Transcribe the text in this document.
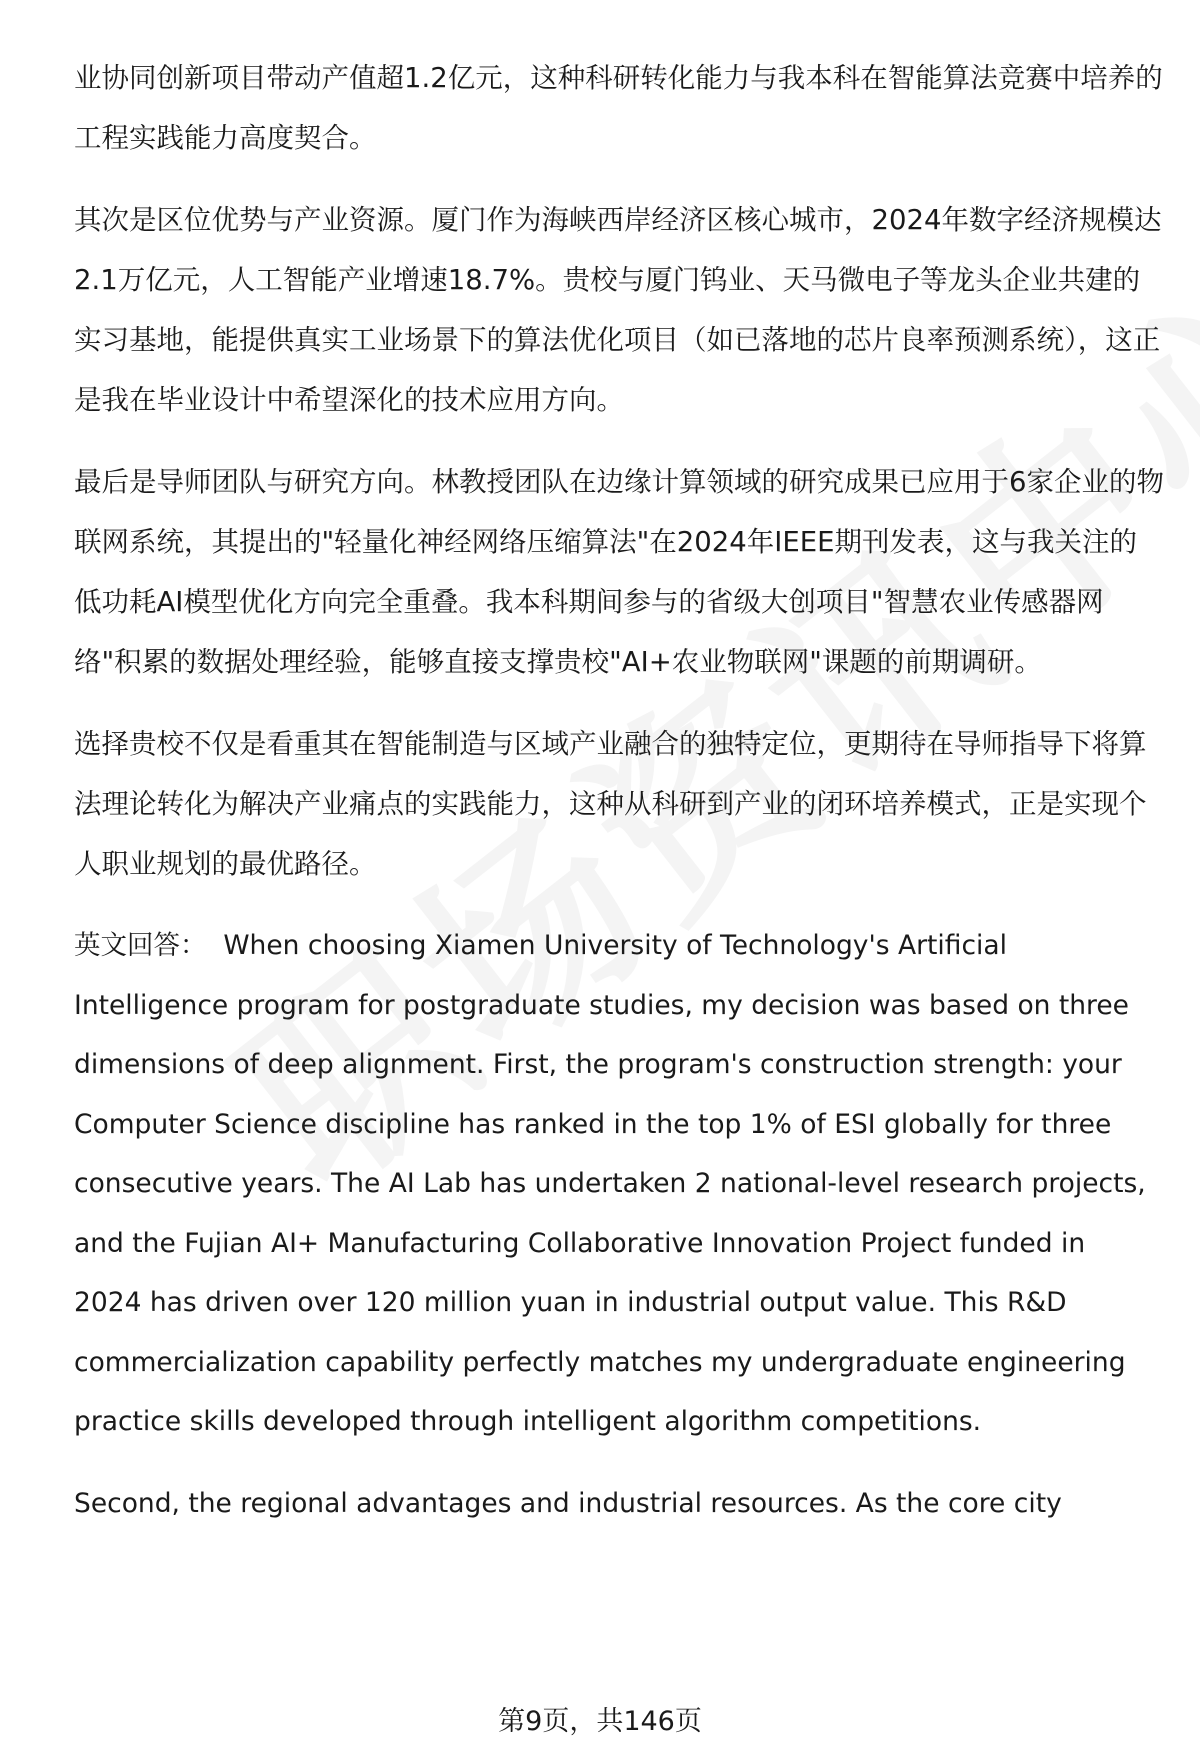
业协同创新项目带动产值超1.2亿元，这种科研转化能力与我本科在智能算法竞赛中培养的工程实践能力高度契合。

其次是区位优势与产业资源。厦门作为海峡西岸经济区核心城市，2024年数字经济规模达2.1万亿元，人工智能产业增速18.7%。贵校与厦门钨业、天马微电子等龙头企业共建的实习基地，能提供真实工业场景下的算法优化项目（如已落地的芯片良率预测系统），这正是我在毕业设计中希望深化的技术应用方向。

最后是导师团队与研究方向。林教授团队在边缘计算领域的研究成果已应用于6家企业的物联网系统，其提出的"轻量化神经网络压缩算法"在2024年IEEE期刊发表，这与我关注的低功耗AI模型优化方向完全重叠。我本科期间参与的省级大创项目"智慧农业传感器网络"积累的数据处理经验，能够直接支撑贵校"AI+农业物联网"课题的前期调研。

选择贵校不仅是看重其在智能制造与区域产业融合的独特定位，更期待在导师指导下将算法理论转化为解决产业痛点的实践能力，这种从科研到产业的闭环培养模式，正是实现个人职业规划的最优路径。

英文回答： When choosing Xiamen University of Technology's Artificial Intelligence program for postgraduate studies, my decision was based on three dimensions of deep alignment. First, the program's construction strength: your Computer Science discipline has ranked in the top 1% of ESI globally for three consecutive years. The AI Lab has undertaken 2 national-level research projects, and the Fujian AI+ Manufacturing Collaborative Innovation Project funded in 2024 has driven over 120 million yuan in industrial output value. This R&D commercialization capability perfectly matches my undergraduate engineering practice skills developed through intelligent algorithm competitions.

Second, the regional advantages and industrial resources. As the core city

第9页，共146页
